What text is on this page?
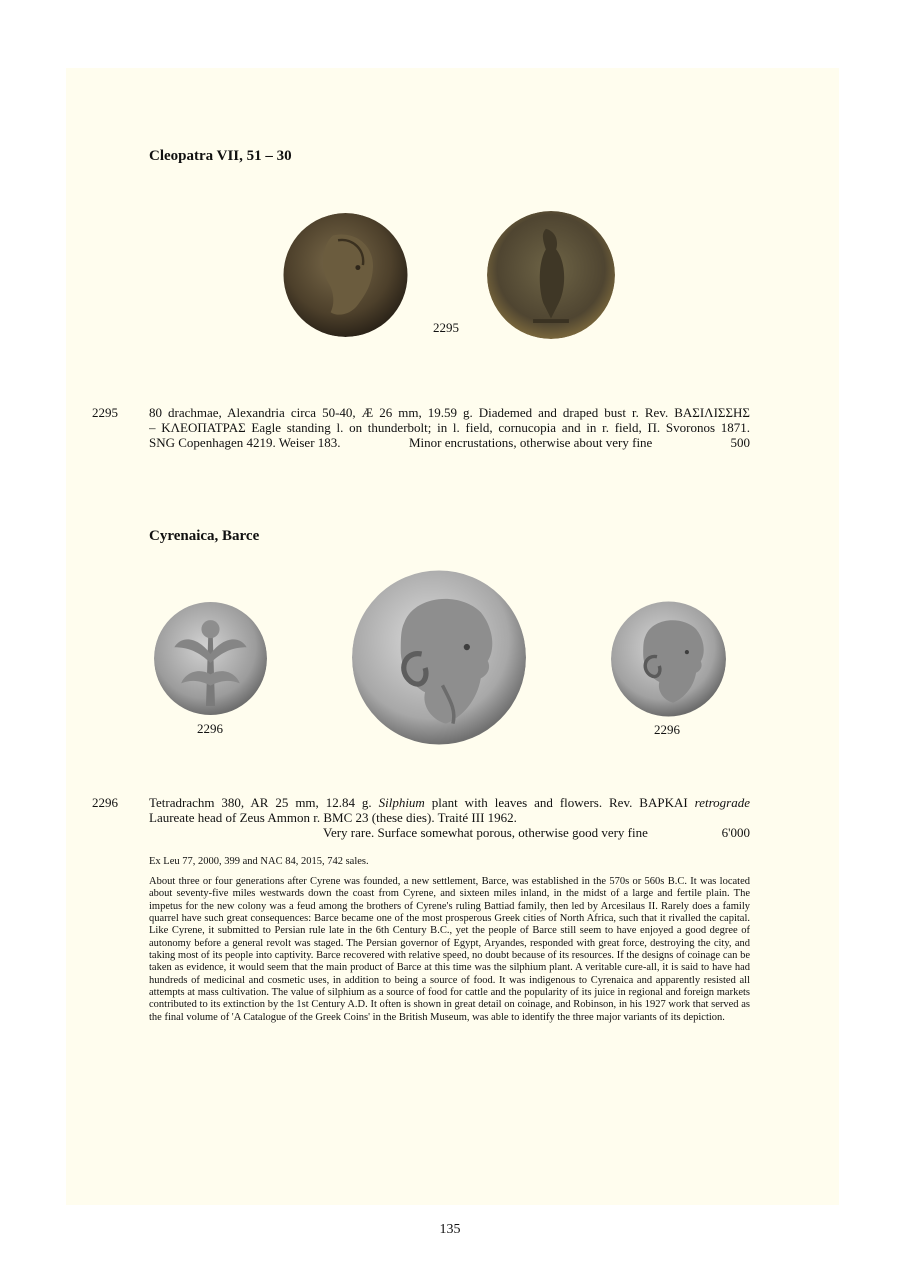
Cleopatra VII, 51 – 30
2295
2295 80 drachmae, Alexandria circa 50-40, Æ 26 mm, 19.59 g. Diademed and draped bust r. Rev. ΒΑΣΙΛΙΣΣΗΣ
– ΚΛΕΟΠΑΤΡΑΣ Eagle standing l. on thunderbolt; in l. field, cornucopia and in r. field, Π. Svoronos 1871.
SNG Copenhagen 4219. Weiser 183.	Minor encrustations, otherwise about very fine	500
Cyrenaica, Barce
2296	2296
2296 Tetradrachm 380, AR 25 mm, 12.84 g. Silphium plant with leaves and flowers. Rev. ΒΑΡΚΑΙ retrograde
Laureate head of Zeus Ammon r. BMC 23 (these dies). Traité III 1962.
Very rare. Surface somewhat porous, otherwise good very fine	6'000
Ex Leu 77, 2000, 399 and NAC 84, 2015, 742 sales.
About three or four generations after Cyrene was founded, a new settlement, Barce, was established in the 570s or 560s B.C. It was located about seventy-five miles westwards down the coast from Cyrene, and sixteen miles inland, in the midst of a large and fertile plain. The impetus for the new colony was a feud among the brothers of Cyrene's ruling Battiad family, then led by Arcesilaus II. Rarely does a family quarrel have such great consequences: Barce became one of the most prosperous Greek cities of North Africa, such that it rivalled the capital. Like Cyrene, it submitted to Persian rule late in the 6th Century B.C., yet the people of Barce still seem to have enjoyed a good degree of autonomy before a general revolt was staged. The Persian governor of Egypt, Aryandes, responded with great force, destroying the city, and taking most of its people into captivity. Barce recovered with relative speed, no doubt because of its resources. If the designs of coinage can be taken as evidence, it would seem that the main product of Barce at this time was the silphium plant. A veritable cure-all, it is said to have had hundreds of medicinal and cosmetic uses, in addition to being a source of food. It was indigenous to Cyrenaica and apparently resisted all attempts at mass cultivation. The value of silphium as a source of food for cattle and the popularity of its juice in regional and foreign markets contributed to its extinction by the 1st Century A.D. It often is shown in great detail on coinage, and Robinson, in his 1927 work that served as the final volume of 'A Catalogue of the Greek Coins' in the British Museum, was able to identify the three major variants of its depiction.
135
